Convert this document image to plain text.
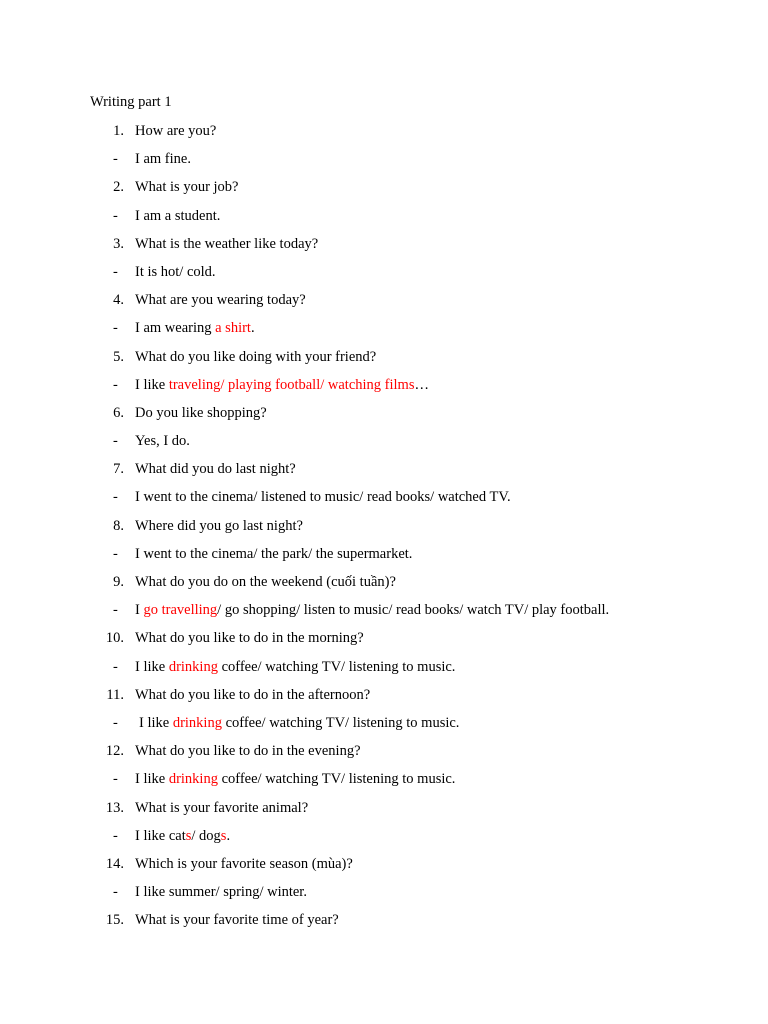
Writing part 1
1. How are you?
-	I am fine.
2. What is your job?
-	I am a student.
3. What is the weather like today?
-	It is hot/ cold.
4. What are you wearing today?
-	I am wearing a shirt.
5. What do you like doing with your friend?
-	I like traveling/ playing football/ watching films…
6. Do you like shopping?
-	Yes, I do.
7. What did you do last night?
-	I went to the cinema/ listened to music/ read books/ watched TV.
8. Where did you go last night?
-	I went to the cinema/ the park/ the supermarket.
9. What do you do on the weekend (cuối tuần)?
-	I go travelling/ go shopping/ listen to music/ read books/ watch TV/ play football.
10. What do you like to do in the morning?
-	I like drinking coffee/ watching TV/ listening to music.
11. What do you like to do in the afternoon?
-	I like drinking coffee/ watching TV/ listening to music.
12. What do you like to do in the evening?
-	I like drinking coffee/ watching TV/ listening to music.
13. What is your favorite animal?
-	I like cats/ dogs.
14. Which is your favorite season (mùa)?
-	I like summer/ spring/ winter.
15. What is your favorite time of year?
